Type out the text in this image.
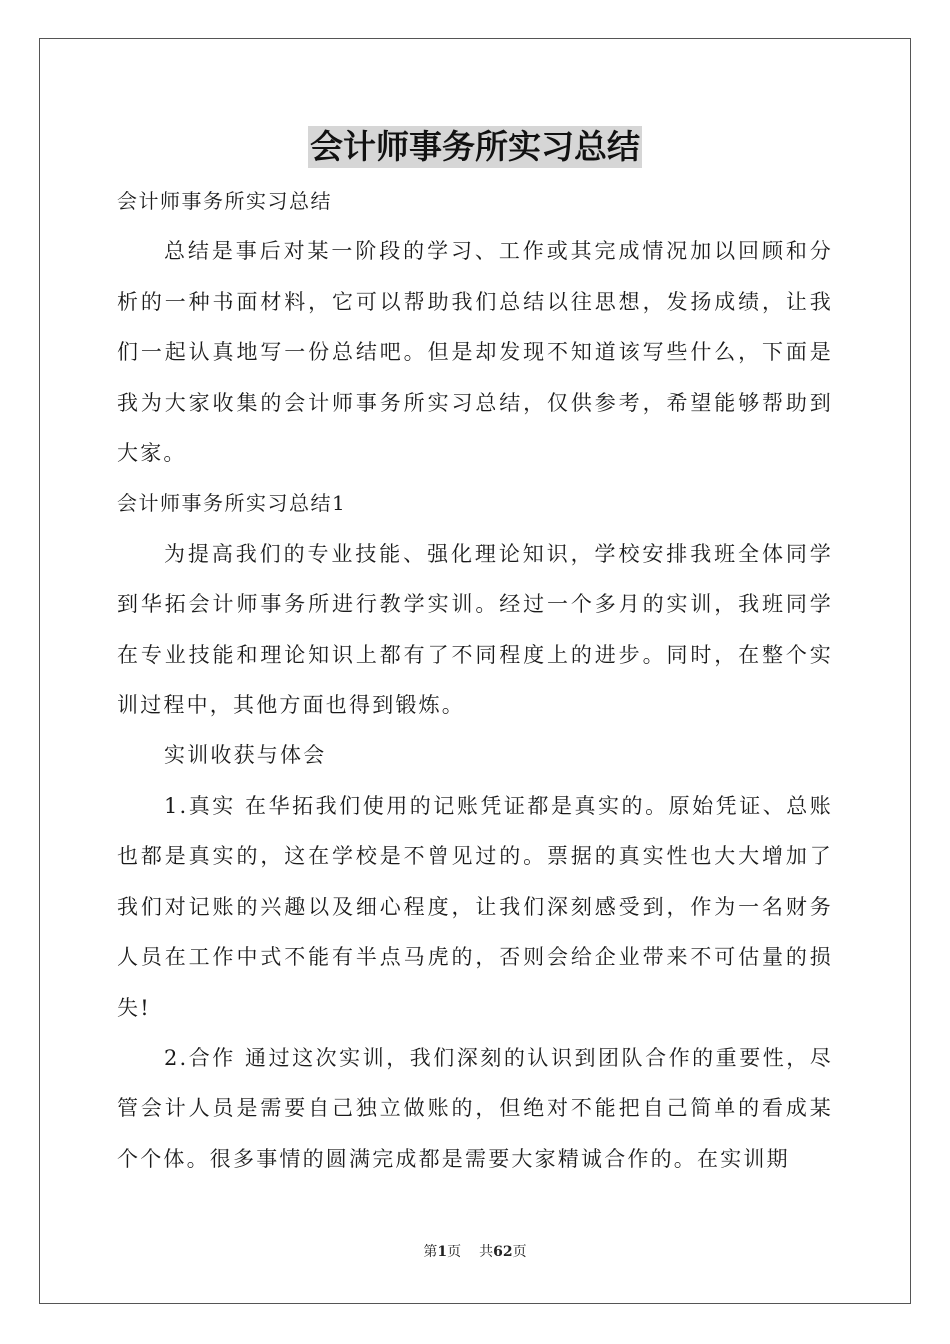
会计师事务所实习总结

会计师事务所实习总结

总结是事后对某一阶段的学习、工作或其完成情况加以回顾和分析的一种书面材料，它可以帮助我们总结以往思想，发扬成绩，让我们一起认真地写一份总结吧。但是却发现不知道该写些什么，下面是我为大家收集的会计师事务所实习总结，仅供参考，希望能够帮助到大家。

会计师事务所实习总结1

为提高我们的专业技能、强化理论知识，学校安排我班全体同学到华拓会计师事务所进行教学实训。经过一个多月的实训，我班同学在专业技能和理论知识上都有了不同程度上的进步。同时，在整个实训过程中，其他方面也得到锻炼。

实训收获与体会

1.真实 在华拓我们使用的记账凭证都是真实的。原始凭证、总账也都是真实的，这在学校是不曾见过的。票据的真实性也大大增加了我们对记账的兴趣以及细心程度，让我们深刻感受到，作为一名财务人员在工作中式不能有半点马虎的，否则会给企业带来不可估量的损失!

2.合作 通过这次实训，我们深刻的认识到团队合作的重要性，尽管会计人员是需要自己独立做账的，但绝对不能把自己简单的看成某个个体。很多事情的圆满完成都是需要大家精诚合作的。在实训期

第1页 共62页
